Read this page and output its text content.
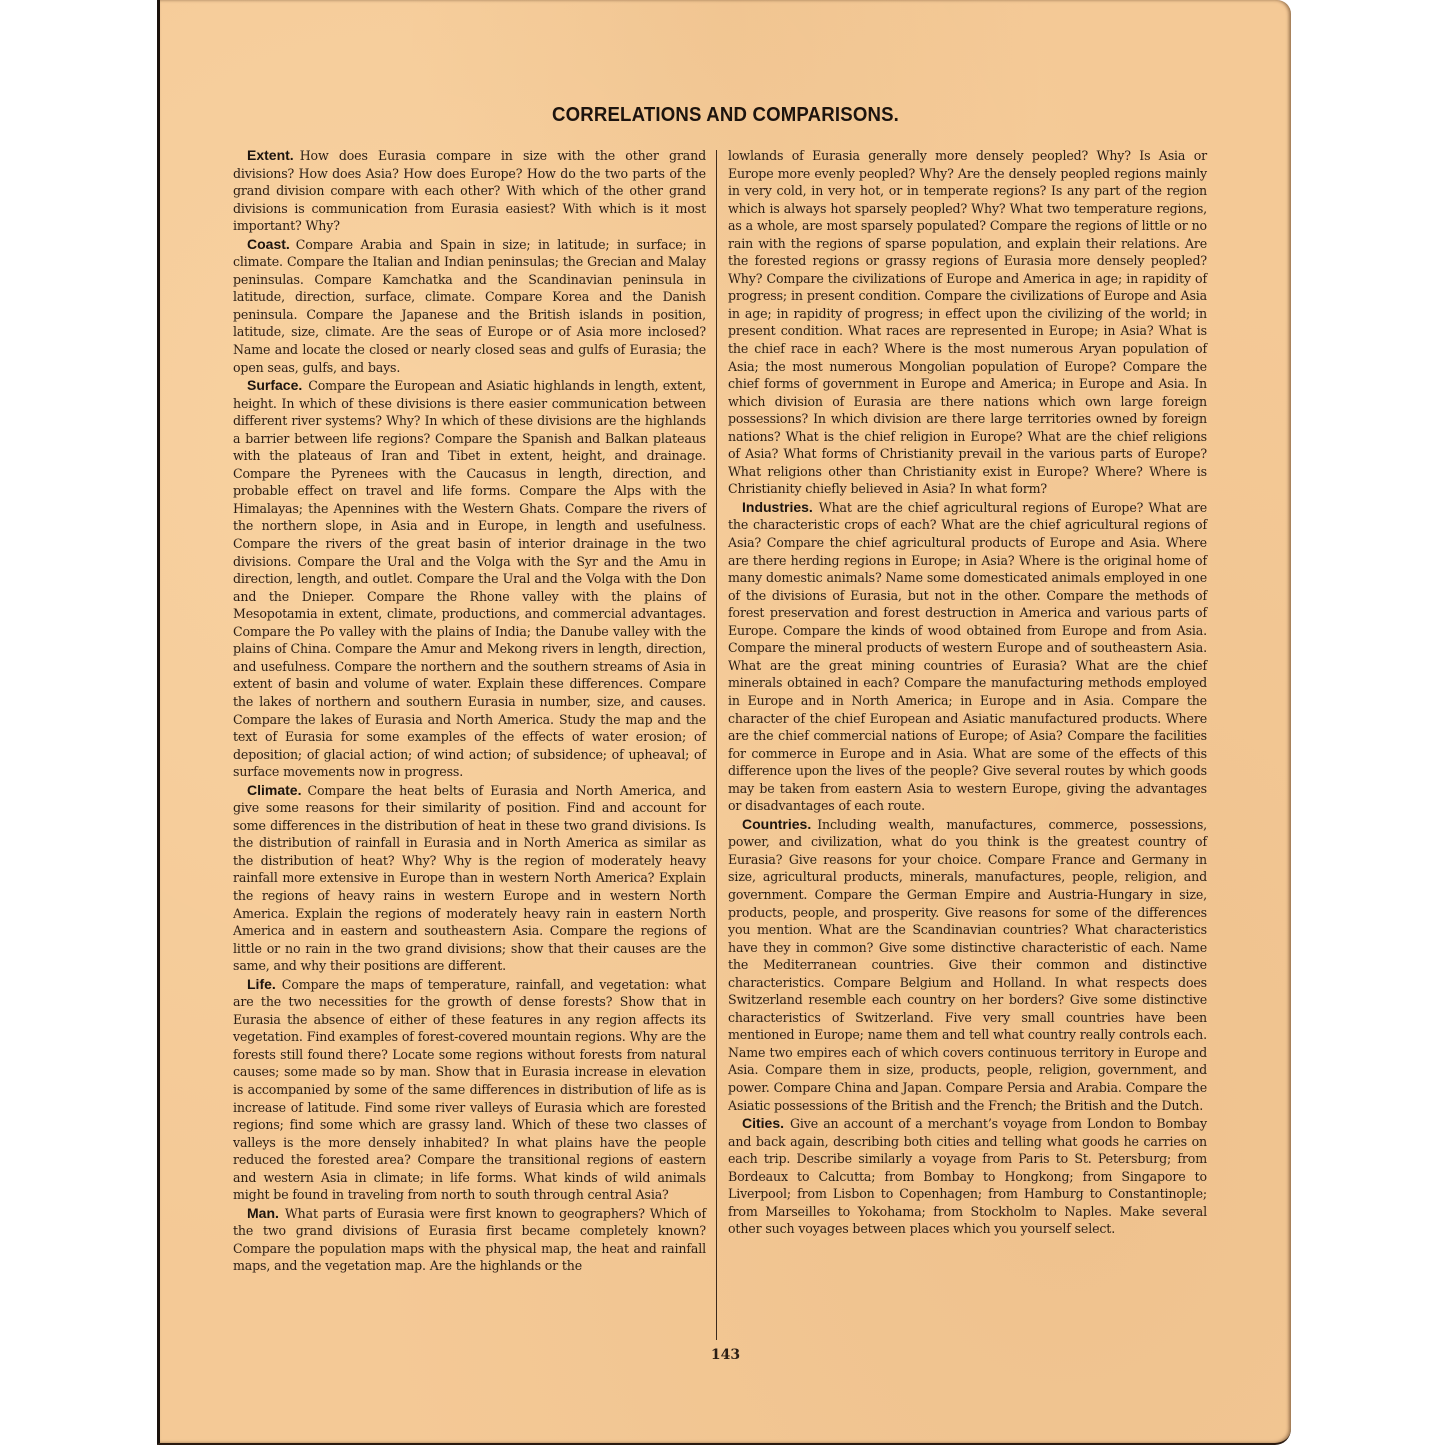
CORRELATIONS AND COMPARISONS.

Extent. How does Eurasia compare in size with the other grand divisions? How does Asia? How does Europe? How do the two parts of the grand division compare with each other? With which of the other grand divisions is communication from Eurasia easiest? With which is it most important? Why?

Coast. Compare Arabia and Spain in size; in latitude; in surface; in climate. Compare the Italian and Indian peninsulas; the Grecian and Malay peninsulas. Compare Kamchatka and the Scandinavian peninsula in latitude, direction, surface, climate. Compare Korea and the Danish peninsula. Compare the Japanese and the British islands in position, latitude, size, climate. Are the seas of Europe or of Asia more inclosed? Name and locate the closed or nearly closed seas and gulfs of Eurasia; the open seas, gulfs, and bays.

Surface. Compare the European and Asiatic highlands in length, extent, height. In which of these divisions is there easier communication between different river systems? Why? In which of these divisions are the highlands a barrier between life regions? Compare the Spanish and Balkan plateaus with the plateaus of Iran and Tibet in extent, height, and drainage. Compare the Pyrenees with the Caucasus in length, direction, and probable effect on travel and life forms. Compare the Alps with the Himalayas; the Apennines with the Western Ghats. Compare the rivers of the northern slope, in Asia and in Europe, in length and usefulness. Compare the rivers of the great basin of interior drainage in the two divisions. Compare the Ural and the Volga with the Syr and the Amu in direction, length, and outlet. Compare the Ural and the Volga with the Don and the Dnieper. Compare the Rhone valley with the plains of Mesopotamia in extent, climate, productions, and commercial advantages. Compare the Po valley with the plains of India; the Danube valley with the plains of China. Compare the Amur and Mekong rivers in length, direction, and usefulness. Compare the northern and the southern streams of Asia in extent of basin and volume of water. Explain these differences. Compare the lakes of northern and southern Eurasia in number, size, and causes. Compare the lakes of Eurasia and North America. Study the map and the text of Eurasia for some examples of the effects of water erosion; of deposition; of glacial action; of wind action; of subsidence; of upheaval; of surface movements now in progress.

Climate. Compare the heat belts of Eurasia and North America, and give some reasons for their similarity of position. Find and account for some differences in the distribution of heat in these two grand divisions. Is the distribution of rainfall in Eurasia and in North America as similar as the distribution of heat? Why? Why is the region of moderately heavy rainfall more extensive in Europe than in western North America? Explain the regions of heavy rains in western Europe and in western North America. Explain the regions of moderately heavy rain in eastern North America and in eastern and southeastern Asia. Compare the regions of little or no rain in the two grand divisions; show that their causes are the same, and why their positions are different.

Life. Compare the maps of temperature, rainfall, and vegetation: what are the two necessities for the growth of dense forests? Show that in Eurasia the absence of either of these features in any region affects its vegetation. Find examples of forest-covered mountain regions. Why are the forests still found there? Locate some regions without forests from natural causes; some made so by man. Show that in Eurasia increase in elevation is accompanied by some of the same differences in distribution of life as is increase of latitude. Find some river valleys of Eurasia which are forested regions; find some which are grassy land. Which of these two classes of valleys is the more densely inhabited? In what plains have the people reduced the forested area? Compare the transitional regions of eastern and western Asia in climate; in life forms. What kinds of wild animals might be found in traveling from north to south through central Asia?

Man. What parts of Eurasia were first known to geographers? Which of the two grand divisions of Eurasia first became completely known? Compare the population maps with the physical map, the heat and rainfall maps, and the vegetation map. Are the highlands or the

lowlands of Eurasia generally more densely peopled? Why? Is Asia or Europe more evenly peopled? Why? Are the densely peopled regions mainly in very cold, in very hot, or in temperate regions? Is any part of the region which is always hot sparsely peopled? Why? What two temperature regions, as a whole, are most sparsely populated? Compare the regions of little or no rain with the regions of sparse population, and explain their relations. Are the forested regions or grassy regions of Eurasia more densely peopled? Why? Compare the civilizations of Europe and America in age; in rapidity of progress; in present condition. Compare the civilizations of Europe and Asia in age; in rapidity of progress; in effect upon the civilizing of the world; in present condition. What races are represented in Europe; in Asia? What is the chief race in each? Where is the most numerous Aryan population of Asia; the most numerous Mongolian population of Europe? Compare the chief forms of government in Europe and America; in Europe and Asia. In which division of Eurasia are there nations which own large foreign possessions? In which division are there large territories owned by foreign nations? What is the chief religion in Europe? What are the chief religions of Asia? What forms of Christianity prevail in the various parts of Europe? What religions other than Christianity exist in Europe? Where? Where is Christianity chiefly believed in Asia? In what form?

Industries. What are the chief agricultural regions of Europe? What are the characteristic crops of each? What are the chief agricultural regions of Asia? Compare the chief agricultural products of Europe and Asia. Where are there herding regions in Europe; in Asia? Where is the original home of many domestic animals? Name some domesticated animals employed in one of the divisions of Eurasia, but not in the other. Compare the methods of forest preservation and forest destruction in America and various parts of Europe. Compare the kinds of wood obtained from Europe and from Asia. Compare the mineral products of western Europe and of southeastern Asia. What are the great mining countries of Eurasia? What are the chief minerals obtained in each? Compare the manufacturing methods employed in Europe and in North America; in Europe and in Asia. Compare the character of the chief European and Asiatic manufactured products. Where are the chief commercial nations of Europe; of Asia? Compare the facilities for commerce in Europe and in Asia. What are some of the effects of this difference upon the lives of the people? Give several routes by which goods may be taken from eastern Asia to western Europe, giving the advantages or disadvantages of each route.

Countries. Including wealth, manufactures, commerce, possessions, power, and civilization, what do you think is the greatest country of Eurasia? Give reasons for your choice. Compare France and Germany in size, agricultural products, minerals, manufactures, people, religion, and government. Compare the German Empire and Austria-Hungary in size, products, people, and prosperity. Give reasons for some of the differences you mention. What are the Scandinavian countries? What characteristics have they in common? Give some distinctive characteristic of each. Name the Mediterranean countries. Give their common and distinctive characteristics. Compare Belgium and Holland. In what respects does Switzerland resemble each country on her borders? Give some distinctive characteristics of Switzerland. Five very small countries have been mentioned in Europe; name them and tell what country really controls each. Name two empires each of which covers continuous territory in Europe and Asia. Compare them in size, products, people, religion, government, and power. Compare China and Japan. Compare Persia and Arabia. Compare the Asiatic possessions of the British and the French; the British and the Dutch.

Cities. Give an account of a merchant’s voyage from London to Bombay and back again, describing both cities and telling what goods he carries on each trip. Describe similarly a voyage from Paris to St. Petersburg; from Bordeaux to Calcutta; from Bombay to Hongkong; from Singapore to Liverpool; from Lisbon to Copenhagen; from Hamburg to Constantinople; from Marseilles to Yokohama; from Stockholm to Naples. Make several other such voyages between places which you yourself select.

143
